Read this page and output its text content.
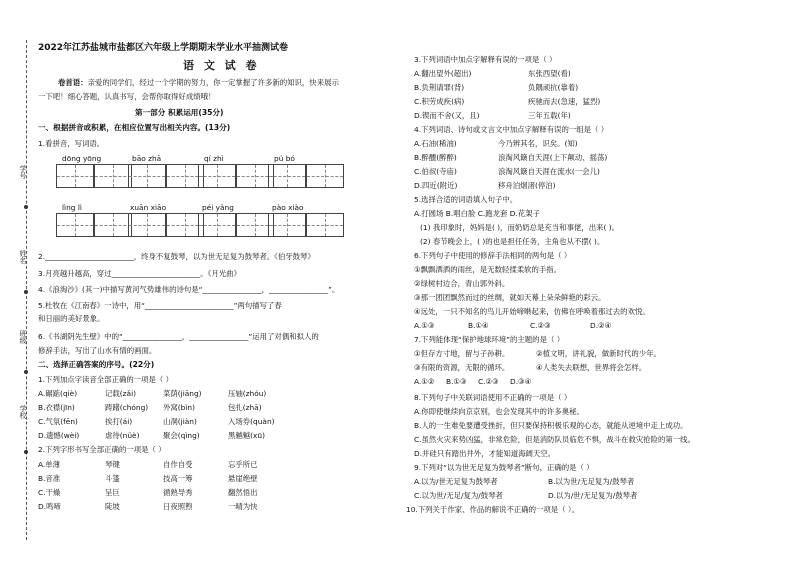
学号
姓名
班级
学校
2022年江苏盐城市盐都区六年级上学期期末学业水平抽测试卷
语 文 试 卷
卷首语：亲爱的同学们，经过一个学期的努力，你一定掌握了许多新的知识，快来展示
一下吧！细心答题，认真书写，会帮你取得好成绩哦！
第一部分 积累运用(35分)
一、根据拼音或积累，在相应位置写出相关内容。(13分)
1.看拼音，写词语。
dōng yōng	bāo zhā	qí zhì	pú bó
lìng lì	xuān xiāo	péi yǎng	pào xiào
2.________________________，终身不复鼓琴，以为世无足复为鼓琴者。《伯牙鼓琴》
3.月亮越升越高，穿过________________________。《月光曲》
4.《浪淘沙》(其一)中描写黄河气势雄伟的诗句是“________________，________________”。
5.杜牧在《江南春》一诗中，用“________________________”两句描写了春
和日丽的美好景象。
6.《书湖阴先生壁》中的“________________，________________”运用了对偶和拟人的
修辞手法，写出了山水有情的画面。
二、选择正确答案的序号。(22分)
1.下列加点字读音全部正确的一项是（ ）
A.碾踮(qiè)	记载(zǎi)	菜荫(jiāng)	压轴(zhóu)
B.衣襟(jīn)	踌躇(chóng) 外窝(bìn)	包扎(zhā)
C.气氛(fēn)	挨打(ái)	山洞(jiàn)	入场券(quàn)
D.遗憾(wèi)	虐待(nüè)	聚会(qìng)	黑魆魆(xū)
2.下列字形书写全部正确的一项是（ ）
A.单薄	琴键	自作自受	忘乎所已
B.音准	斗篷	技高一筹	悬崖绝壁
C.干燥	呈巨	循熟导秀	翻然悟出
D.鸣啼	陡坡	日夜照煦	一晴为快
3.下列词语中加点字解释有误的一项是（ ）
A.翻出望外(超出)	东张西望(看)
B.负荆请罪(背)	负隅顽抗(靠着)
C.积劳成疾(病)	疾驰而去(急速，猛烈)
D.锲而不舍(又，且)	三年五载(年)
4.下列词语、诗句或文言文中加点字解释有误的一组是（ ）
A.石油(稀油)	今乃辨其名，识矣。(知)
B.醉醺(醉醉)	浪淘风簸自天涯(上下颠动、摇荡)
C.伯叔(寺庙)	浪淘风簸自天涯在流水(一会儿)
D.四近(附近)	移舟泊烟渚(停泊)
5.选择合适的词语填入句子中。
A.打圆场 B.唱白脸 C.跑龙套 D.花架子
(1) 我印象时，妈妈是( )，而奶奶总是充当和事佬，出来( )。
(2) 春节晚会上，( )的也是担任任务，主角也从不摆( )。
6.下列句子中使用的修辞手法相同的两句是（ ）
①飘飘洒洒的雨丝，是无数轻揉柔软的手指。
②绿树村边合，青山郭外斜。
③那一团团飘然而过的丝绸，就如天幕上朵朵鲜艳的彩云。
④远处，一只不知名的鸟儿开始啼啭起来，仿佛在呼唤着那过去的欢悦。
A.①③	B.①④	C.②③	D.②④
7.下列能体现“保护地球环境”的主题的是（ ）
①但存方寸地，留与子孙耕。	②植文明，讲礼貌，做新时代的少年。
③有限的资源，无限的循环。	④人类失去联想，世界将会怎样。
A.①② B.①③ C.②③ D.③④
8.下列句子中关联词语使用不正确的一项是（ ）
A.你即使继续向京京别，也会发现其中的许多奥秘。
B.人的一生难免要遭受挫折，但只要保持积极乐观的心态，就能从逆境中走上成功。
C.虽然火灾来势凶猛，非常危险，但是消防队员临危不惧，战斗在救灾抢险的第一线。
D.并硅只有踏出井外，才能知道海阔天空。
9.下列对“以为世无足复为鼓琴者”断句，正确的是（ ）
A.以为/世无足复为鼓琴者	B.以为世/无足复为/鼓琴者
C.以为世/无足/复为/鼓琴者	D.以为/世/无足复为/鼓琴者
10.下列关于作家、作品的解说不正确的一项是（ ）。
